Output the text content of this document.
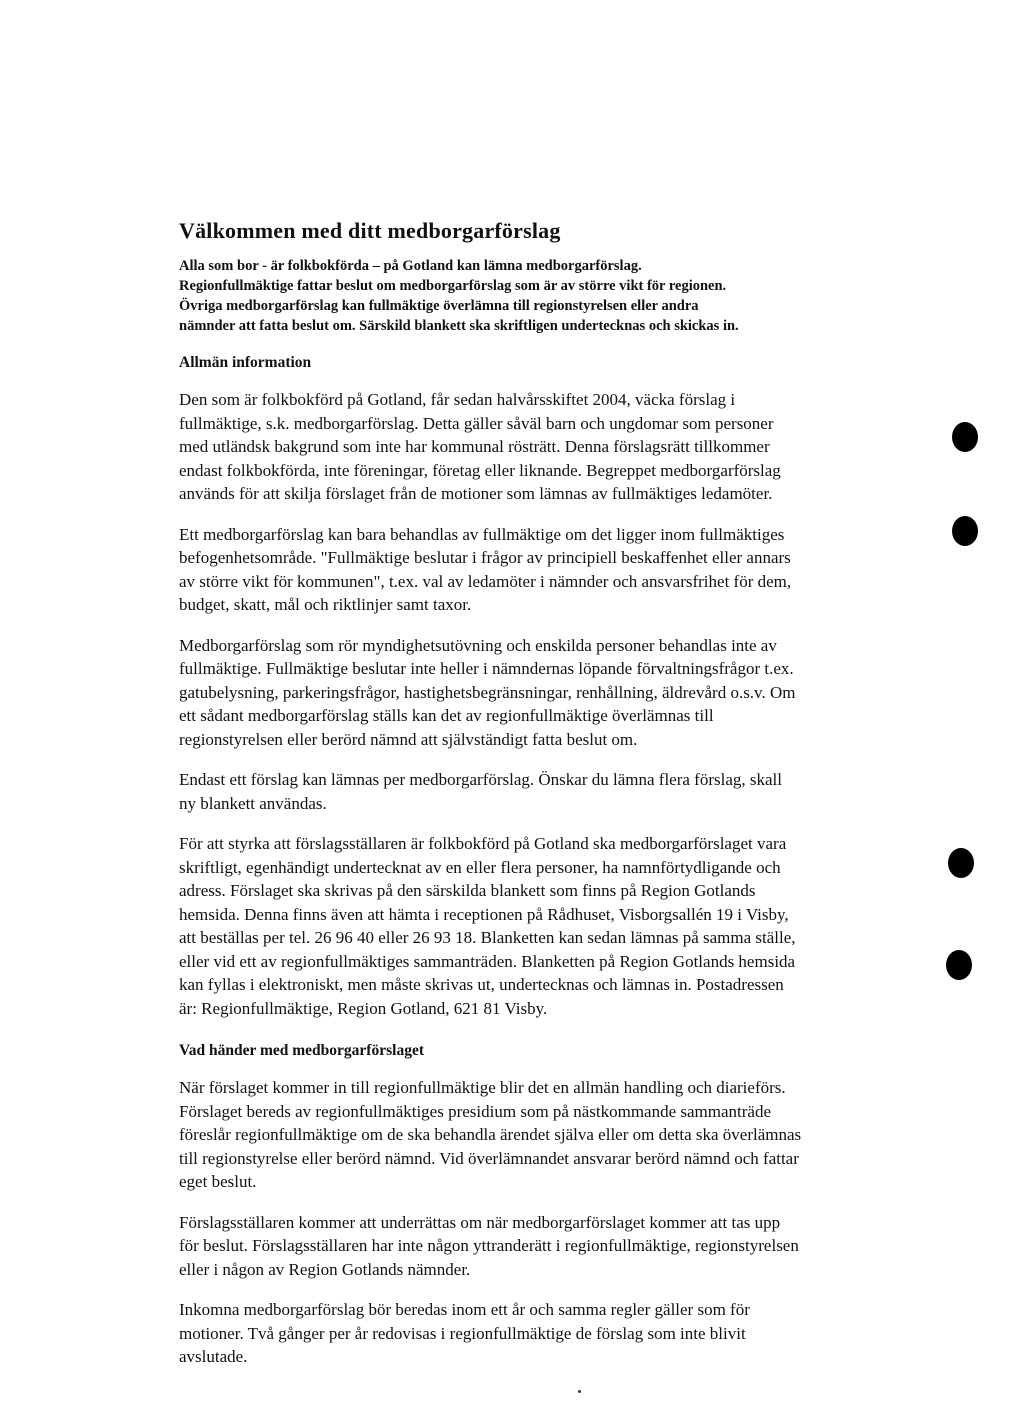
Välkommen med ditt medborgarförslag
Alla som bor - är folkbokförda – på Gotland kan lämna medborgarförslag.
Regionfullmäktige fattar beslut om medborgarförslag som är av större vikt för regionen.
Övriga medborgarförslag kan fullmäktige överlämna till regionstyrelsen eller andra
nämnder att fatta beslut om. Särskild blankett ska skriftligen undertecknas och skickas in.
Allmän information
Den som är folkbokförd på Gotland, får sedan halvårsskiftet 2004, väcka förslag i
fullmäktige, s.k. medborgarförslag. Detta gäller såväl barn och ungdomar som personer
med utländsk bakgrund som inte har kommunal rösträtt. Denna förslagsrätt tillkommer
endast folkbokförda, inte föreningar, företag eller liknande. Begreppet medborgarförslag
används för att skilja förslaget från de motioner som lämnas av fullmäktiges ledamöter.
Ett medborgarförslag kan bara behandlas av fullmäktige om det ligger inom fullmäktiges
befogenhetsområde. "Fullmäktige beslutar i frågor av principiell beskaffenhet eller annars
av större vikt för kommunen", t.ex. val av ledamöter i nämnder och ansvarsfrihet för dem,
budget, skatt, mål och riktlinjer samt taxor.
Medborgarförslag som rör myndighetsutövning och enskilda personer behandlas inte av
fullmäktige. Fullmäktige beslutar inte heller i nämndernas löpande förvaltningsfrågor t.ex.
gatubelysning, parkeringsfrågor, hastighetsbegränsningar, renhållning, äldrevård o.s.v. Om
ett sådant medborgarförslag ställs kan det av regionfullmäktige överlämnas till
regionstyrelsen eller berörd nämnd att självständigt fatta beslut om.
Endast ett förslag kan lämnas per medborgarförslag. Önskar du lämna flera förslag, skall
ny blankett användas.
För att styrka att förslagsställaren är folkbokförd på Gotland ska medborgarförslaget vara
skriftligt, egenhändigt undertecknat av en eller flera personer, ha namnförtydligande och
adress. Förslaget ska skrivas på den särskilda blankett som finns på Region Gotlands
hemsida. Denna finns även att hämta i receptionen på Rådhuset, Visborgsallén 19 i Visby,
att beställas per tel. 26 96 40 eller 26 93 18. Blanketten kan sedan lämnas på samma ställe,
eller vid ett av regionfullmäktiges sammanträden. Blanketten på Region Gotlands hemsida
kan fyllas i elektroniskt, men måste skrivas ut, undertecknas och lämnas in. Postadressen
är: Regionfullmäktige, Region Gotland, 621 81 Visby.
Vad händer med medborgarförslaget
När förslaget kommer in till regionfullmäktige blir det en allmän handling och diarieförs.
Förslaget bereds av regionfullmäktiges presidium som på nästkommande sammanträde
föreslår regionfullmäktige om de ska behandla ärendet själva eller om detta ska överlämnas
till regionstyrelse eller berörd nämnd. Vid överlämnandet ansvarar berörd nämnd och fattar
eget beslut.
Förslagsställaren kommer att underrättas om när medborgarförslaget kommer att tas upp
för beslut. Förslagsställaren har inte någon yttranderätt i regionfullmäktige, regionstyrelsen
eller i någon av Region Gotlands nämnder.
Inkomna medborgarförslag bör beredas inom ett år och samma regler gäller som för
motioner. Två gånger per år redovisas i regionfullmäktige de förslag som inte blivit
avslutade.
